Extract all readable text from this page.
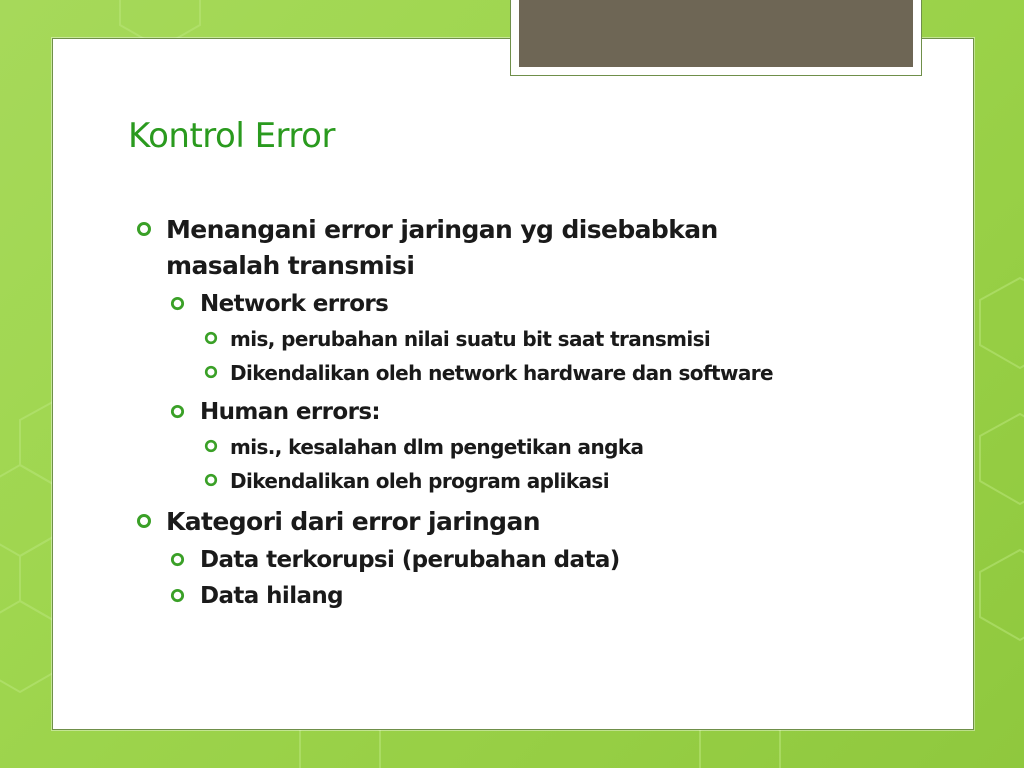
Kontrol Error
Menangani error jaringan yg disebabkan masalah transmisi
Network errors
mis, perubahan nilai suatu bit saat transmisi
Dikendalikan oleh network hardware dan software
Human errors:
mis., kesalahan dlm pengetikan angka
Dikendalikan oleh program aplikasi
Kategori dari error jaringan
Data terkorupsi (perubahan data)
Data hilang
